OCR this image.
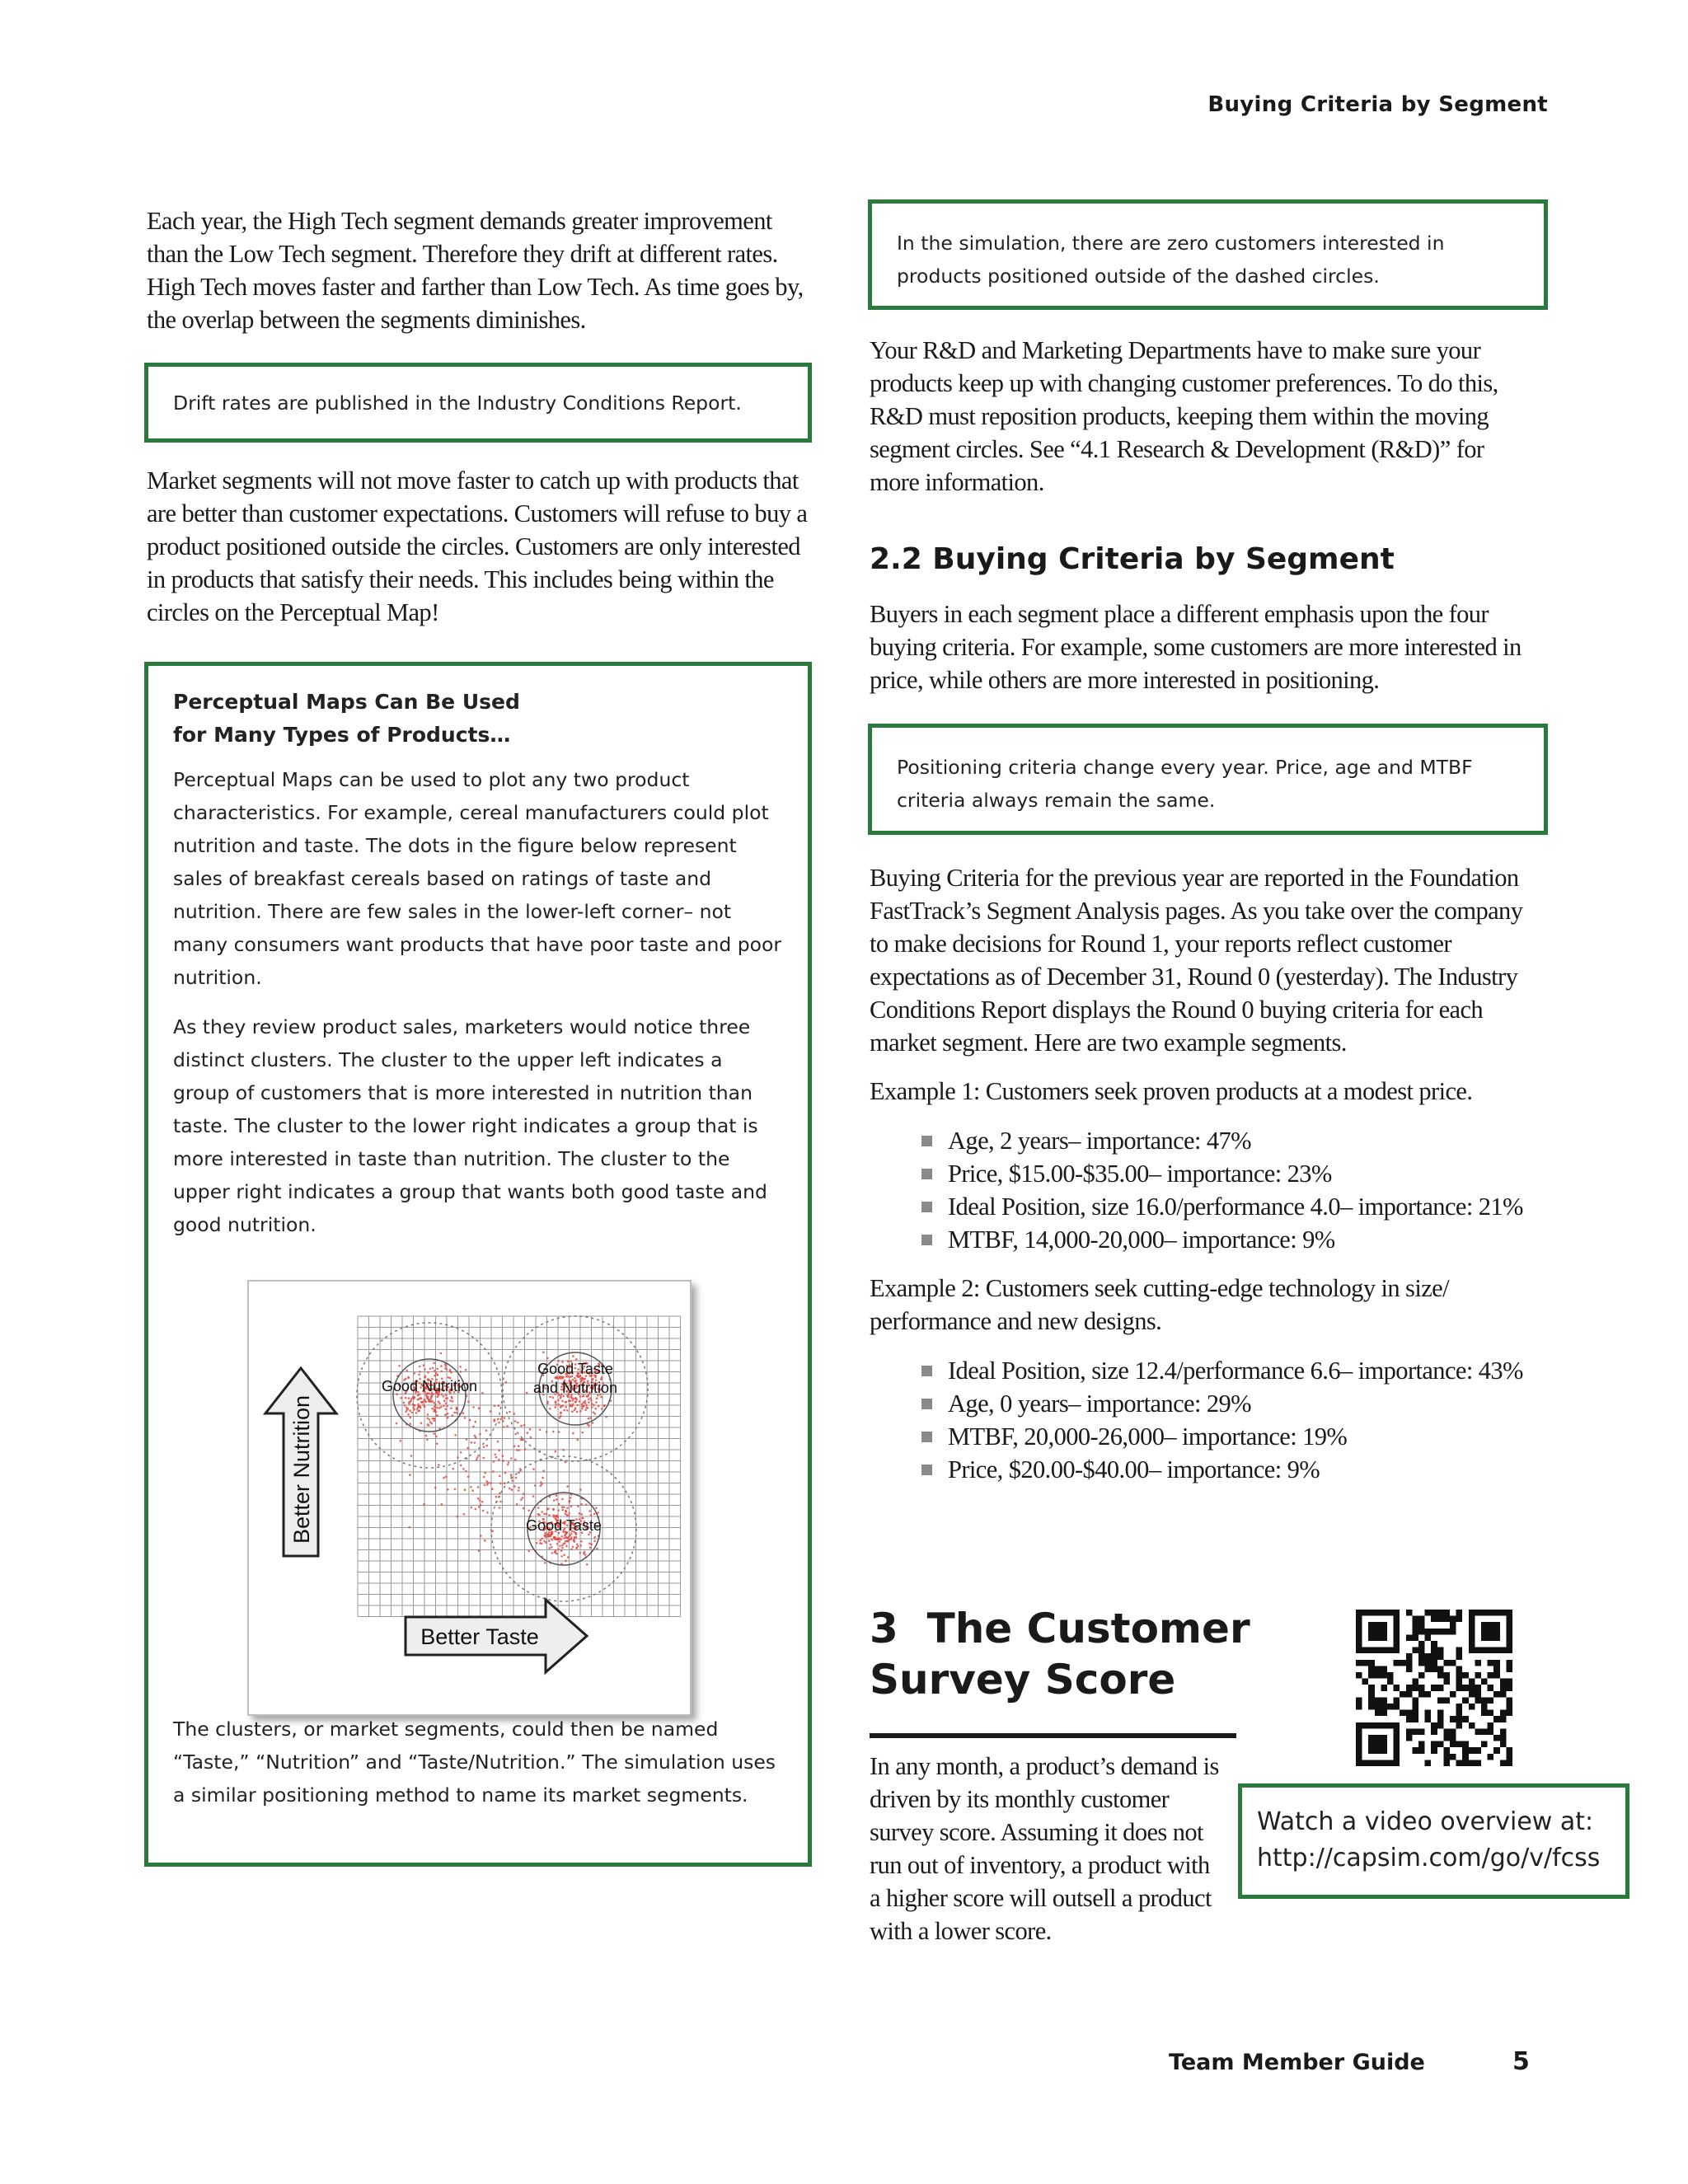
Buying Criteria by Segment

Each year, the High Tech segment demands greater improvement than the Low Tech segment. Therefore they drift at different rates. High Tech moves faster and farther than Low Tech. As time goes by, the overlap between the segments diminishes.

Drift rates are published in the Industry Conditions Report.

Market segments will not move faster to catch up with products that are better than customer expectations. Customers will refuse to buy a product positioned outside the circles. Customers are only interested in products that satisfy their needs. This includes being within the circles on the Perceptual Map!

Perceptual Maps Can Be Used for Many Types of Products…

Perceptual Maps can be used to plot any two product characteristics. For example, cereal manufacturers could plot nutrition and taste. The dots in the figure below represent sales of breakfast cereals based on ratings of taste and nutrition. There are few sales in the lower-left corner– not many consumers want products that have poor taste and poor nutrition.

As they review product sales, marketers would notice three distinct clusters. The cluster to the upper left indicates a group of customers that is more interested in nutrition than taste. The cluster to the lower right indicates a group that is more interested in taste than nutrition. The cluster to the upper right indicates a group that wants both good taste and good nutrition.

The clusters, or market segments, could then be named “Taste,” “Nutrition” and “Taste/Nutrition.” The simulation uses a similar positioning method to name its market segments.

Good Nutrition
Good Taste
and Nutrition
Good Taste
Better Nutrition
Better Taste
In the simulation, there are zero customers interested in products positioned outside of the dashed circles.

Your R&D and Marketing Departments have to make sure your products keep up with changing customer preferences. To do this, R&D must reposition products, keeping them within the moving segment circles. See “4.1 Research & Development (R&D)” for more information.

2.2 Buying Criteria by Segment

Buyers in each segment place a different emphasis upon the four buying criteria. For example, some customers are more interested in price, while others are more interested in positioning.

Positioning criteria change every year. Price, age and MTBF criteria always remain the same.

Buying Criteria for the previous year are reported in the Foundation FastTrack’s Segment Analysis pages. As you take over the company to make decisions for Round 1, your reports reflect customer expectations as of December 31, Round 0 (yesterday). The Industry Conditions Report displays the Round 0 buying criteria for each market segment. Here are two example segments.

Example 1: Customers seek proven products at a modest price.

Age, 2 years– importance: 47%
Price, $15.00-$35.00– importance: 23%
Ideal Position, size 16.0/performance 4.0– importance: 21%
MTBF, 14,000-20,000– importance: 9%

Example 2: Customers seek cutting-edge technology in size/ performance and new designs.

Ideal Position, size 12.4/performance 6.6– importance: 43%
Age, 0 years– importance: 29%
MTBF, 20,000-26,000– importance: 19%
Price, $20.00-$40.00– importance: 9%
3  The Customer
Survey Score

In any month, a product’s demand is driven by its monthly customer survey score. Assuming it does not run out of inventory, a product with a higher score will outsell a product with a lower score.

Watch a video overview at:
http://capsim.com/go/v/fcss
Team Member Guide	5
